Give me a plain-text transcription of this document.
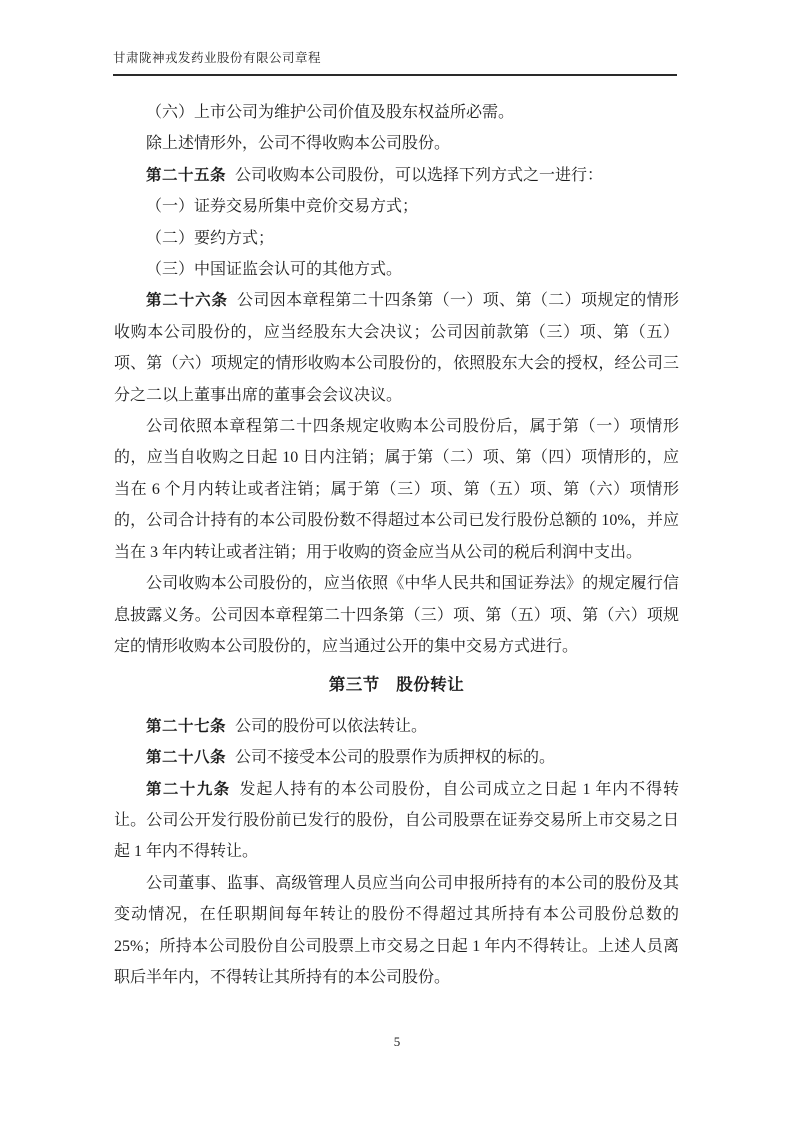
甘肃陇神戎发药业股份有限公司章程

（六）上市公司为维护公司价值及股东权益所必需。

除上述情形外，公司不得收购本公司股份。

第二十五条 公司收购本公司股份，可以选择下列方式之一进行：

（一）证券交易所集中竞价交易方式；

（二）要约方式；

（三）中国证监会认可的其他方式。

第二十六条 公司因本章程第二十四条第（一）项、第（二）项规定的情形收购本公司股份的，应当经股东大会决议；公司因前款第（三）项、第（五）项、第（六）项规定的情形收购本公司股份的，依照股东大会的授权，经公司三分之二以上董事出席的董事会会议决议。

公司依照本章程第二十四条规定收购本公司股份后，属于第（一）项情形的，应当自收购之日起 10 日内注销；属于第（二）项、第（四）项情形的，应当在 6 个月内转让或者注销；属于第（三）项、第（五）项、第（六）项情形的，公司合计持有的本公司股份数不得超过本公司已发行股份总额的 10%，并应当在 3 年内转让或者注销；用于收购的资金应当从公司的税后利润中支出。

公司收购本公司股份的，应当依照《中华人民共和国证券法》的规定履行信息披露义务。公司因本章程第二十四条第（三）项、第（五）项、第（六）项规定的情形收购本公司股份的，应当通过公开的集中交易方式进行。

第三节 股份转让

第二十七条 公司的股份可以依法转让。

第二十八条 公司不接受本公司的股票作为质押权的标的。

第二十九条 发起人持有的本公司股份，自公司成立之日起 1 年内不得转让。公司公开发行股份前已发行的股份，自公司股票在证券交易所上市交易之日起 1 年内不得转让。

公司董事、监事、高级管理人员应当向公司申报所持有的本公司的股份及其变动情况，在任职期间每年转让的股份不得超过其所持有本公司股份总数的 25%；所持本公司股份自公司股票上市交易之日起 1 年内不得转让。上述人员离职后半年内，不得转让其所持有的本公司股份。

5
